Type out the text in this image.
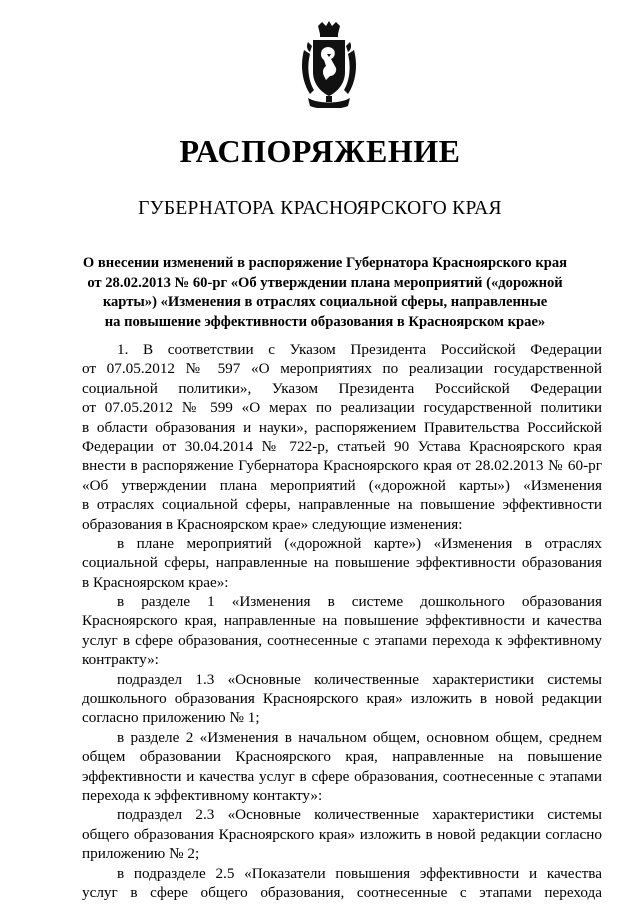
РАСПОРЯЖЕНИЕ
ГУБЕРНАТОРА КРАСНОЯРСКОГО КРАЯ
О внесении изменений в распоряжение Губернатора Красноярского края
от 28.02.2013 № 60-рг «Об утверждении плана мероприятий («дорожной
карты») «Изменения в отраслях социальной сферы, направленные
на повышение эффективности образования в Красноярском крае»
1. В соответствии с Указом Президента Российской Федерации
от 07.05.2012 № 597 «О мероприятиях по реализации государственной
социальной политики», Указом Президента Российской Федерации
от 07.05.2012 № 599 «О мерах по реализации государственной политики
в области образования и науки», распоряжением Правительства Российской
Федерации от 30.04.2014 № 722-р, статьей 90 Устава Красноярского края
внести в распоряжение Губернатора Красноярского края от 28.02.2013 № 60-рг
«Об утверждении плана мероприятий («дорожной карты») «Изменения
в отраслях социальной сферы, направленные на повышение эффективности
образования в Красноярском крае» следующие изменения:
в плане мероприятий («дорожной карте») «Изменения в отраслях
социальной сферы, направленные на повышение эффективности образования
в Красноярском крае»:
в разделе 1 «Изменения в системе дошкольного образования
Красноярского края, направленные на повышение эффективности и качества
услуг в сфере образования, соотнесенные с этапами перехода к эффективному
контракту»:
подраздел 1.3 «Основные количественные характеристики системы
дошкольного образования Красноярского края» изложить в новой редакции
согласно приложению № 1;
в разделе 2 «Изменения в начальном общем, основном общем, среднем
общем образовании Красноярского края, направленные на повышение
эффективности и качества услуг в сфере образования, соотнесенные с этапами
перехода к эффективному контакту»:
подраздел 2.3 «Основные количественные характеристики системы
общего образования Красноярского края» изложить в новой редакции согласно
приложению № 2;
в подразделе 2.5 «Показатели повышения эффективности и качества
услуг в сфере общего образования, соотнесенные с этапами перехода
